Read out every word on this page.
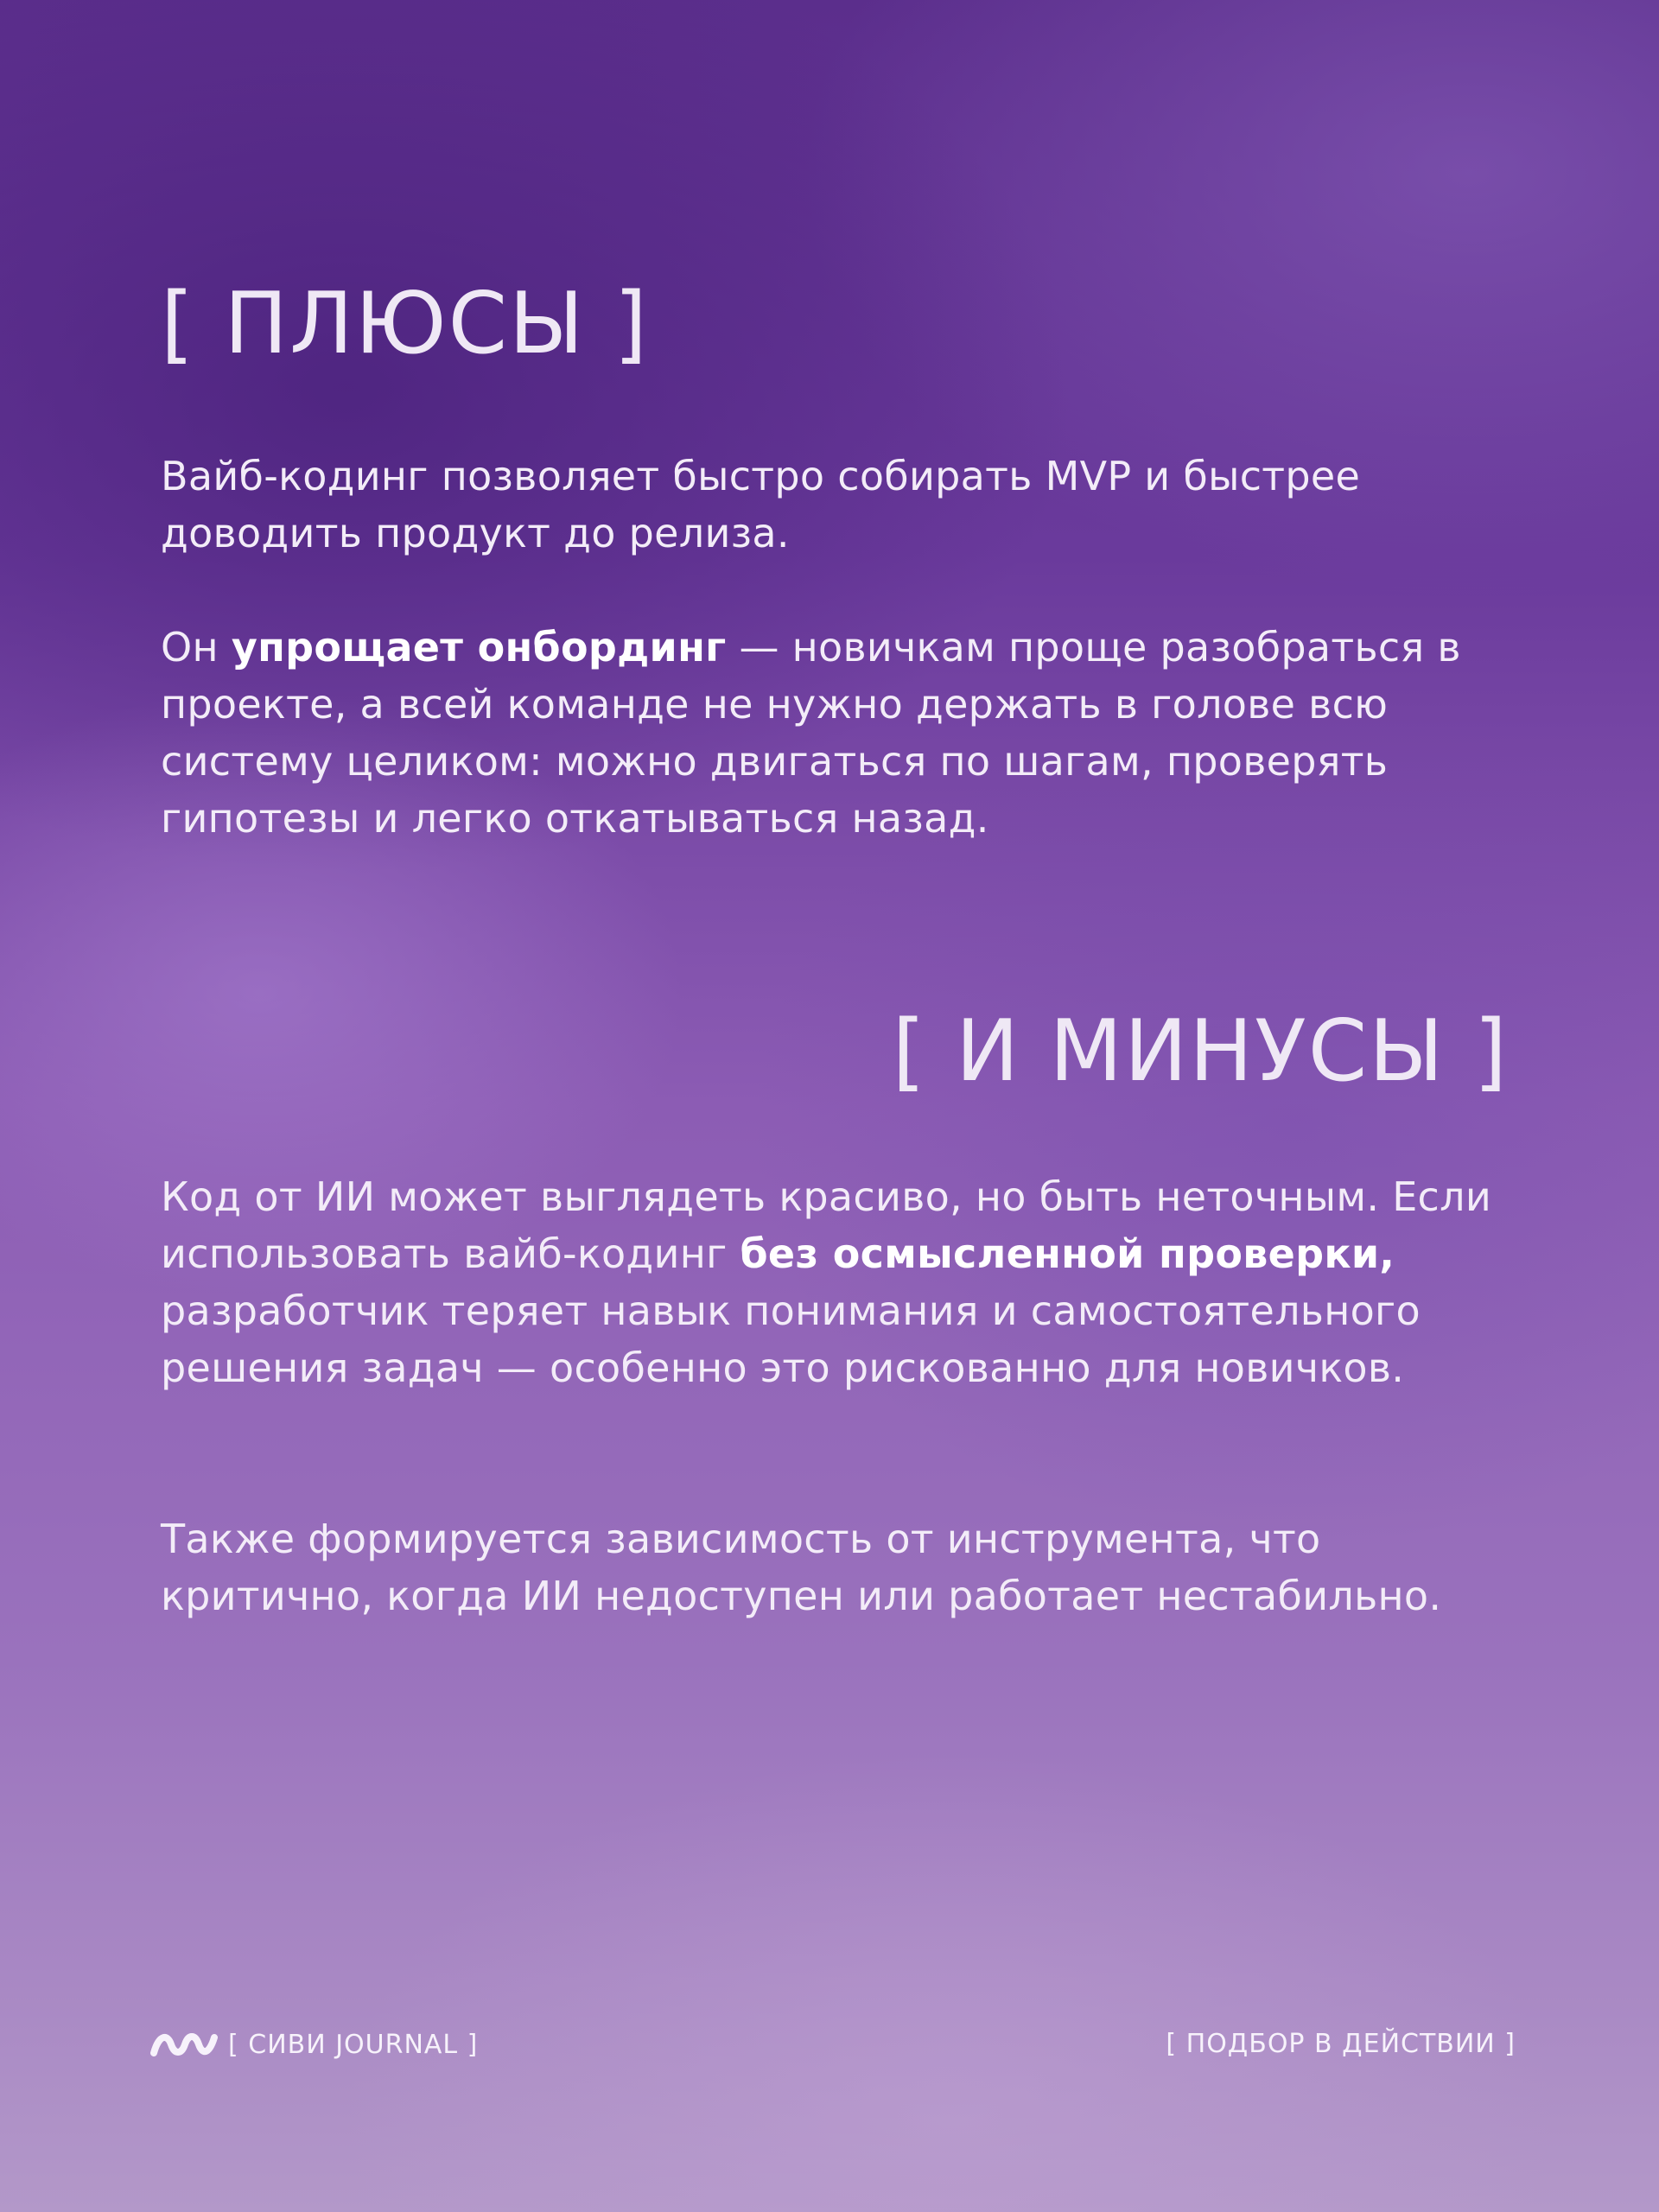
[ ПЛЮСЫ ]

Вайб-кодинг позволяет быстро собирать MVP и быстрее доводить продукт до релиза.

Он упрощает онбординг — новичкам проще разобраться в проекте, а всей команде не нужно держать в голове всю систему целиком: можно двигаться по шагам, проверять гипотезы и легко откатываться назад.

[ И МИНУСЫ ]

Код от ИИ может выглядеть красиво, но быть неточным. Если использовать вайб-кодинг без осмысленной проверки, разработчик теряет навык понимания и самостоятельного решения задач — особенно это рискованно для новичков.

Также формируется зависимость от инструмента, что критично, когда ИИ недоступен или работает нестабильно.

[ СИВИ JOURNAL ]	[ ПОДБОР В ДЕЙСТВИИ ]
